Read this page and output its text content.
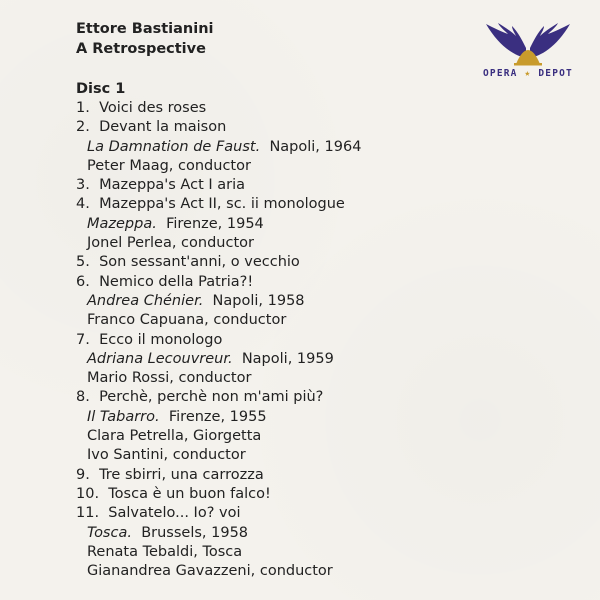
Ettore Bastianini
A Retrospective
OPERA ★ DEPOT
Disc 1
1. Voici des roses
2. Devant la maison
La Damnation de Faust. Napoli, 1964
Peter Maag, conductor
3. Mazeppa's Act I aria
4. Mazeppa's Act II, sc. ii monologue
Mazeppa. Firenze, 1954
Jonel Perlea, conductor
5. Son sessant'anni, o vecchio
6. Nemico della Patria?!
Andrea Chénier. Napoli, 1958
Franco Capuana, conductor
7. Ecco il monologo
Adriana Lecouvreur. Napoli, 1959
Mario Rossi, conductor
8. Perchè, perchè non m'ami più?
Il Tabarro. Firenze, 1955
Clara Petrella, Giorgetta
Ivo Santini, conductor
9. Tre sbirri, una carrozza
10. Tosca è un buon falco!
11. Salvatelo... Io? voi
Tosca. Brussels, 1958
Renata Tebaldi, Tosca
Gianandrea Gavazzeni, conductor
